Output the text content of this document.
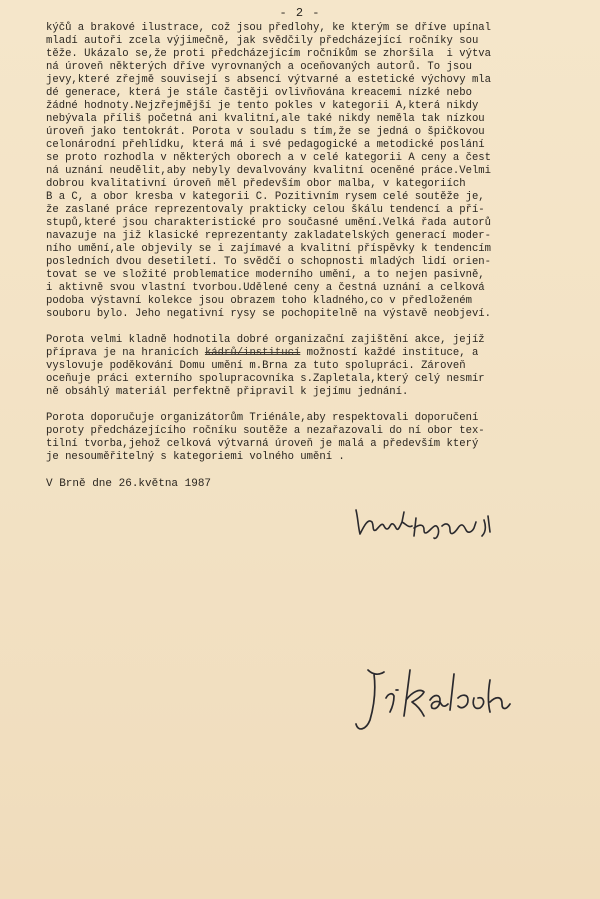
- 2 -
kýčů a brakové ilustrace, což jsou předlohy, ke kterým se dříve upínal
mladí autoři zcela výjimečně, jak svědčily předcházející ročníky sou
těže. Ukázalo se,že proti předcházejícím ročníkům se zhoršila  i výtva
ná úroveň některých dříve vyrovnaných a oceňovaných autorů. To jsou
jevy,které zřejmě souvisejí s absencí výtvarné a estetické výchovy mla
dé generace, která je stále častěji ovlivňována kreacemi nízké nebo
žádné hodnoty.Nejzřejmější je tento pokles v kategorii A,která nikdy
nebývala příliš početná ani kvalitní,ale také nikdy neměla tak nízkou
úroveň jako tentokrát. Porota v souladu s tím,že se jedná o špičkovou
celonárodní přehlídku, která má i své pedagogické a metodické poslání
se proto rozhodla v některých oborech a v celé kategorii A ceny a čest
ná uznání neudělit,aby nebyly devalvovány kvalitní oceněné práce.Velmi
dobrou kvalitativní úroveň měl především obor malba, v kategoriích
B a C, a obor kresba v kategorii C. Pozitivním rysem celé soutěže je,
že zaslané práce reprezentovaly prakticky celou škálu tendencí a pří-
stupů,které jsou charakteristické pro současné umění.Velká řada autorů
navazuje na již klasické reprezentanty zakladatelských generací moder-
ního umění,ale objevily se i zajímavé a kvalitní příspěvky k tendencím
posledních dvou desetiletí. To svědčí o schopnosti mladých lidí orien-
tovat se ve složité problematice moderního umění, a to nejen pasivně,
i aktivně svou vlastní tvorbou.Udělené ceny a čestná uznání a celková
podoba výstavní kolekce jsou obrazem toho kladného,co v předloženém
souboru bylo. Jeho negativní rysy se pochopitelně na výstavě neobjeví.
Porota velmi kladně hodnotila dobré organizační zajištění akce, jejíž
příprava je na hranicích kádrů/institucí možností každé instituce, a
vyslovuje poděkování Domu umění m.Brna za tuto spolupráci. Zároveň
oceňuje práci externího spolupracovníka s.Zapletala,který celý nesmír
ně obsáhlý materiál perfektně připravil k jejímu jednání.
Porota doporučuje organizátorům Triénále,aby respektovali doporučení
poroty předcházejícího ročníku soutěže a nezařazovali do ní obor tex-
tilní tvorba,jehož celková výtvarná úroveň je malá a především který
je nesouměřitelný s kategoriemi volného umění .
V Brně dne 26.května 1987
